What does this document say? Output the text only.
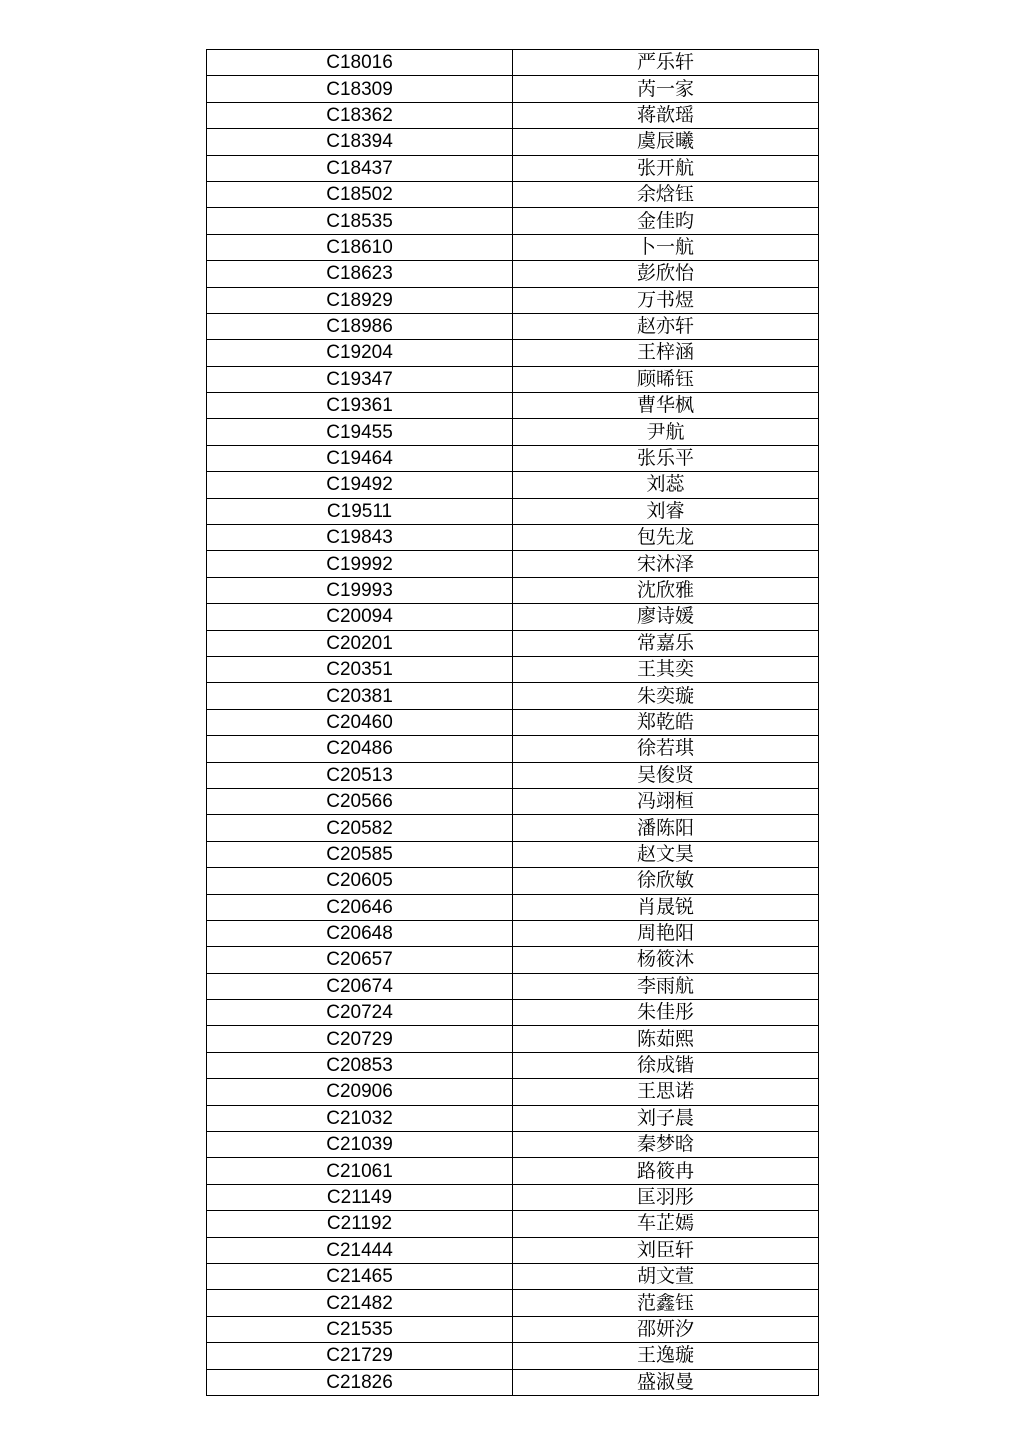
C18016	严乐轩
C18309	芮一家
C18362	蒋歆瑶
C18394	虞辰曦
C18437	张开航
C18502	余焓钰
C18535	金佳昀
C18610	卜一航
C18623	彭欣怡
C18929	万书煜
C18986	赵亦轩
C19204	王梓涵
C19347	顾晞钰
C19361	曹华枫
C19455	尹航
C19464	张乐平
C19492	刘蕊
C19511	刘睿
C19843	包先龙
C19992	宋沐泽
C19993	沈欣雅
C20094	廖诗媛
C20201	常嘉乐
C20351	王其奕
C20381	朱奕璇
C20460	郑乾皓
C20486	徐若琪
C20513	吴俊贤
C20566	冯翊桓
C20582	潘陈阳
C20585	赵文昊
C20605	徐欣敏
C20646	肖晟锐
C20648	周艳阳
C20657	杨筱沐
C20674	李雨航
C20724	朱佳彤
C20729	陈茹熙
C20853	徐成锴
C20906	王思诺
C21032	刘子晨
C21039	秦梦晗
C21061	路筱冉
C21149	匡羽彤
C21192	车芷嫣
C21444	刘臣轩
C21465	胡文萱
C21482	范鑫钰
C21535	邵妍汐
C21729	王逸璇
C21826	盛淑曼
